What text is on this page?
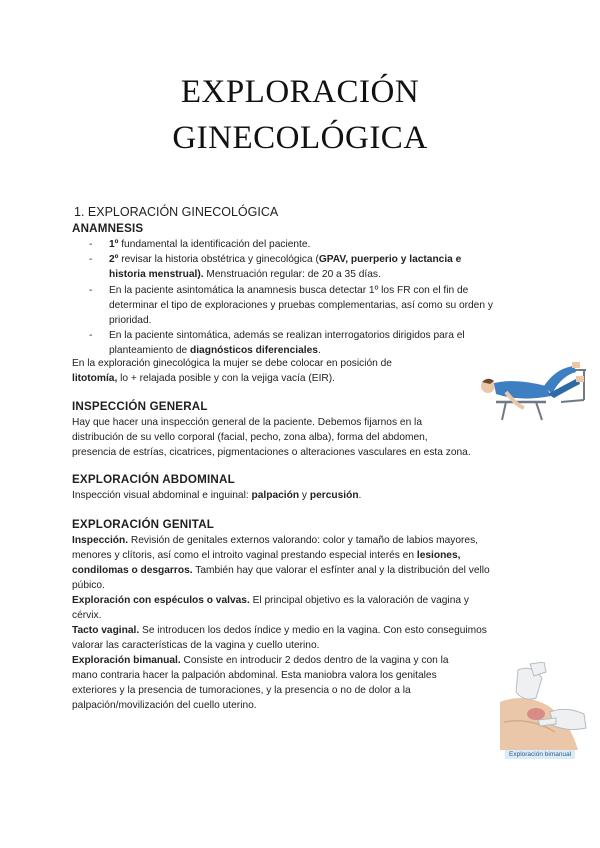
EXPLORACIÓN
GINECOLÓGICA
1. EXPLORACIÓN GINECOLÓGICA
ANAMNESIS
- 1º fundamental la identificación del paciente.
- 2º revisar la historia obstétrica y ginecológica (GPAV, puerperio y lactancia e
historia menstrual). Menstruación regular: de 20 a 35 días.
- En la paciente asintomática la anamnesis busca detectar 1º los FR con el fin de
determinar el tipo de exploraciones y pruebas complementarias, así como su orden y
prioridad.
- En la paciente sintomática, además se realizan interrogatorios dirigidos para el
planteamiento de diagnósticos diferenciales.
En la exploración ginecológica la mujer se debe colocar en posición de
litotomía, lo + relajada posible y con la vejiga vacía (EIR).
INSPECCIÓN GENERAL
Hay que hacer una inspección general de la paciente. Debemos fijarnos en la
distribución de su vello corporal (facial, pecho, zona alba), forma del abdomen,
presencia de estrías, cicatrices, pigmentaciones o alteraciones vasculares en esta zona.
EXPLORACIÓN ABDOMINAL
Inspección visual abdominal e inguinal: palpación y percusión.
EXPLORACIÓN GENITAL
Inspección. Revisión de genitales externos valorando: color y tamaño de labios mayores,
menores y clítoris, así como el introito vaginal prestando especial interés en lesiones,
condilomas o desgarros. También hay que valorar el esfínter anal y la distribución del vello
púbico.
Exploración con espéculos o valvas. El principal objetivo es la valoración de vagina y
cérvix.
Tacto vaginal. Se introducen los dedos índice y medio en la vagina. Con esto conseguimos
valorar las características de la vagina y cuello uterino.
Exploración bimanual. Consiste en introducir 2 dedos dentro de la vagina y con la
mano contraria hacer la palpación abdominal. Esta maniobra valora los genitales
exteriores y la presencia de tumoraciones, y la presencia o no de dolor a la
palpación/movilización del cuello uterino.
Exploración bimanual
